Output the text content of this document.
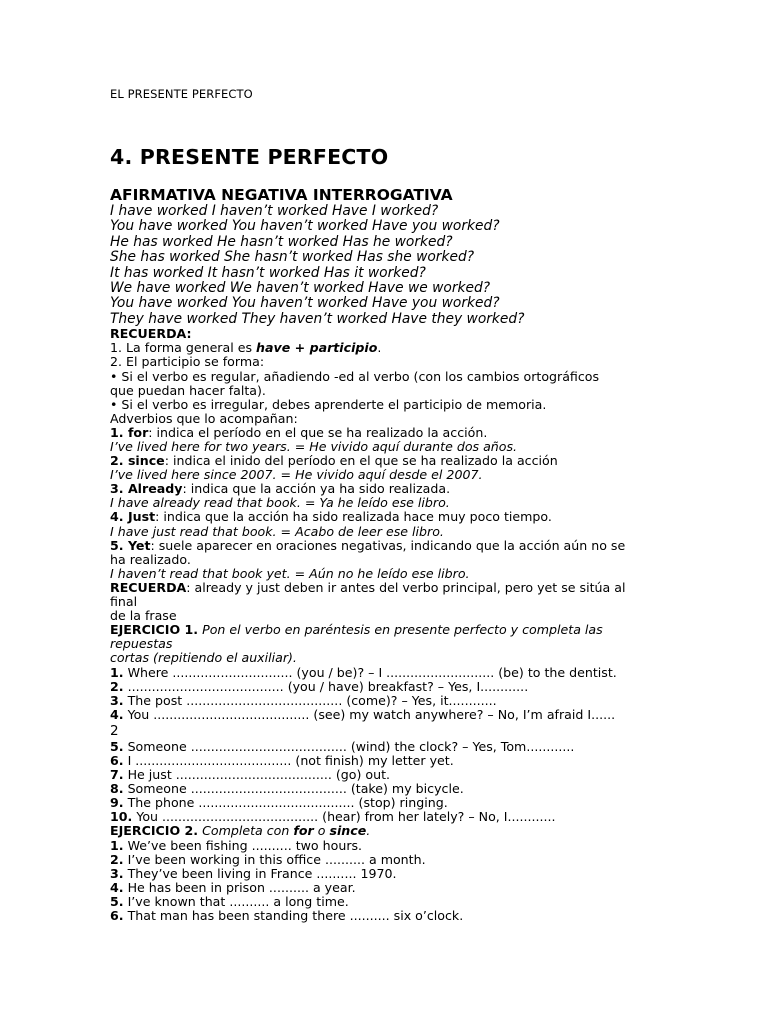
EL PRESENTE PERFECTO
4. PRESENTE PERFECTO
AFIRMATIVA NEGATIVA INTERROGATIVA
I have worked I haven’t worked Have I worked?
You have worked You haven’t worked Have you worked?
He has worked He hasn’t worked Has he worked?
She has worked She hasn’t worked Has she worked?
It has worked It hasn’t worked Has it worked?
We have worked We haven’t worked Have we worked?
You have worked You haven’t worked Have you worked?
They have worked They haven’t worked Have they worked?
RECUERDA:
1. La forma general es have + participio.
2. El participio se forma:
• Si el verbo es regular, añadiendo -ed al verbo (con los cambios ortográficos
que puedan hacer falta).
• Si el verbo es irregular, debes aprenderte el participio de memoria.
Adverbios que lo acompañan:
1. for: indica el período en el que se ha realizado la acción.
I’ve lived here for two years. = He vivido aquí durante dos años.
2. since: indica el inido del período en el que se ha realizado la acción
I’ve lived here since 2007. = He vivido aquí desde el 2007.
3. Already: indica que la acción ya ha sido realizada.
I have already read that book. = Ya he leído ese libro.
4. Just: indica que la acción ha sido realizada hace muy poco tiempo.
I have just read that book. = Acabo de leer ese libro.
5. Yet: suele aparecer en oraciones negativas, indicando que la acción aún no se
ha realizado.
I haven’t read that book yet. = Aún no he leído ese libro.
RECUERDA: already y just deben ir antes del verbo principal, pero yet se sitúa al
final
de la frase
EJERCICIO 1. Pon el verbo en paréntesis en presente perfecto y completa las
repuestas
cortas (repitiendo el auxiliar).
1. Where .............................. (you / be)? – I ........................... (be) to the dentist.
2. ....................................... (you / have) breakfast? – Yes, I............
3. The post ....................................... (come)? – Yes, it............
4. You ....................................... (see) my watch anywhere? – No, I’m afraid I......
2
5. Someone ....................................... (wind) the clock? – Yes, Tom............
6. I ....................................... (not finish) my letter yet.
7. He just ....................................... (go) out.
8. Someone ....................................... (take) my bicycle.
9. The phone ....................................... (stop) ringing.
10. You ....................................... (hear) from her lately? – No, I............
EJERCICIO 2. Completa con for o since.
1. We’ve been fishing .......... two hours.
2. I’ve been working in this office .......... a month.
3. They’ve been living in France .......... 1970.
4. He has been in prison .......... a year.
5. I’ve known that .......... a long time.
6. That man has been standing there .......... six o’clock.
